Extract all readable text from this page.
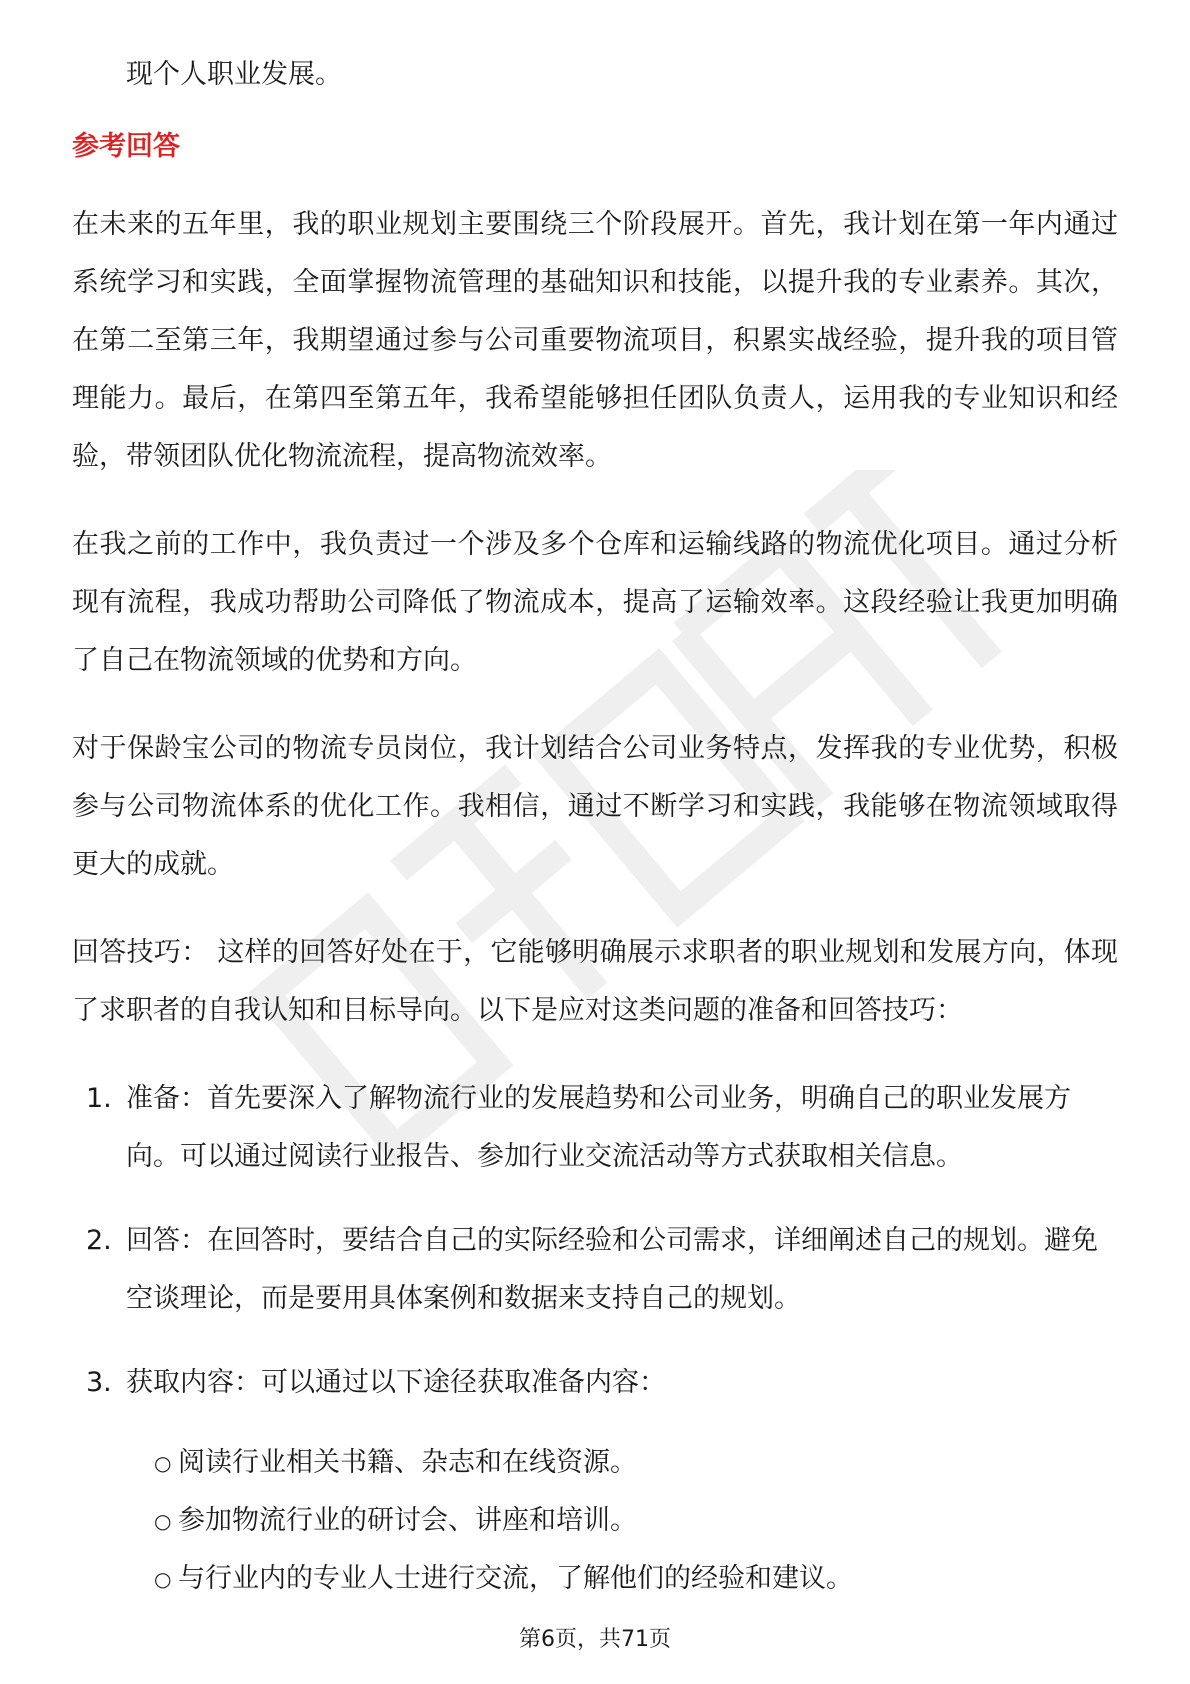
现个人职业发展。

参考回答

在未来的五年里，我的职业规划主要围绕三个阶段展开。首先，我计划在第一年内通过系统学习和实践，全面掌握物流管理的基础知识和技能，以提升我的专业素养。其次，在第二至第三年，我期望通过参与公司重要物流项目，积累实战经验，提升我的项目管理能力。最后，在第四至第五年，我希望能够担任团队负责人，运用我的专业知识和经验，带领团队优化物流流程，提高物流效率。

在我之前的工作中，我负责过一个涉及多个仓库和运输线路的物流优化项目。通过分析现有流程，我成功帮助公司降低了物流成本，提高了运输效率。这段经验让我更加明确了自己在物流领域的优势和方向。

对于保龄宝公司的物流专员岗位，我计划结合公司业务特点，发挥我的专业优势，积极参与公司物流体系的优化工作。我相信，通过不断学习和实践，我能够在物流领域取得更大的成就。

回答技巧： 这样的回答好处在于，它能够明确展示求职者的职业规划和发展方向，体现了求职者的自我认知和目标导向。以下是应对这类问题的准备和回答技巧：

1. 准备：首先要深入了解物流行业的发展趋势和公司业务，明确自己的职业发展方向。可以通过阅读行业报告、参加行业交流活动等方式获取相关信息。
2. 回答：在回答时，要结合自己的实际经验和公司需求，详细阐述自己的规划。避免空谈理论，而是要用具体案例和数据来支持自己的规划。
3. 获取内容：可以通过以下途径获取准备内容：
○ 阅读行业相关书籍、杂志和在线资源。
○ 参加物流行业的研讨会、讲座和培训。
○ 与行业内的专业人士进行交流，了解他们的经验和建议。
第6页，共71页
